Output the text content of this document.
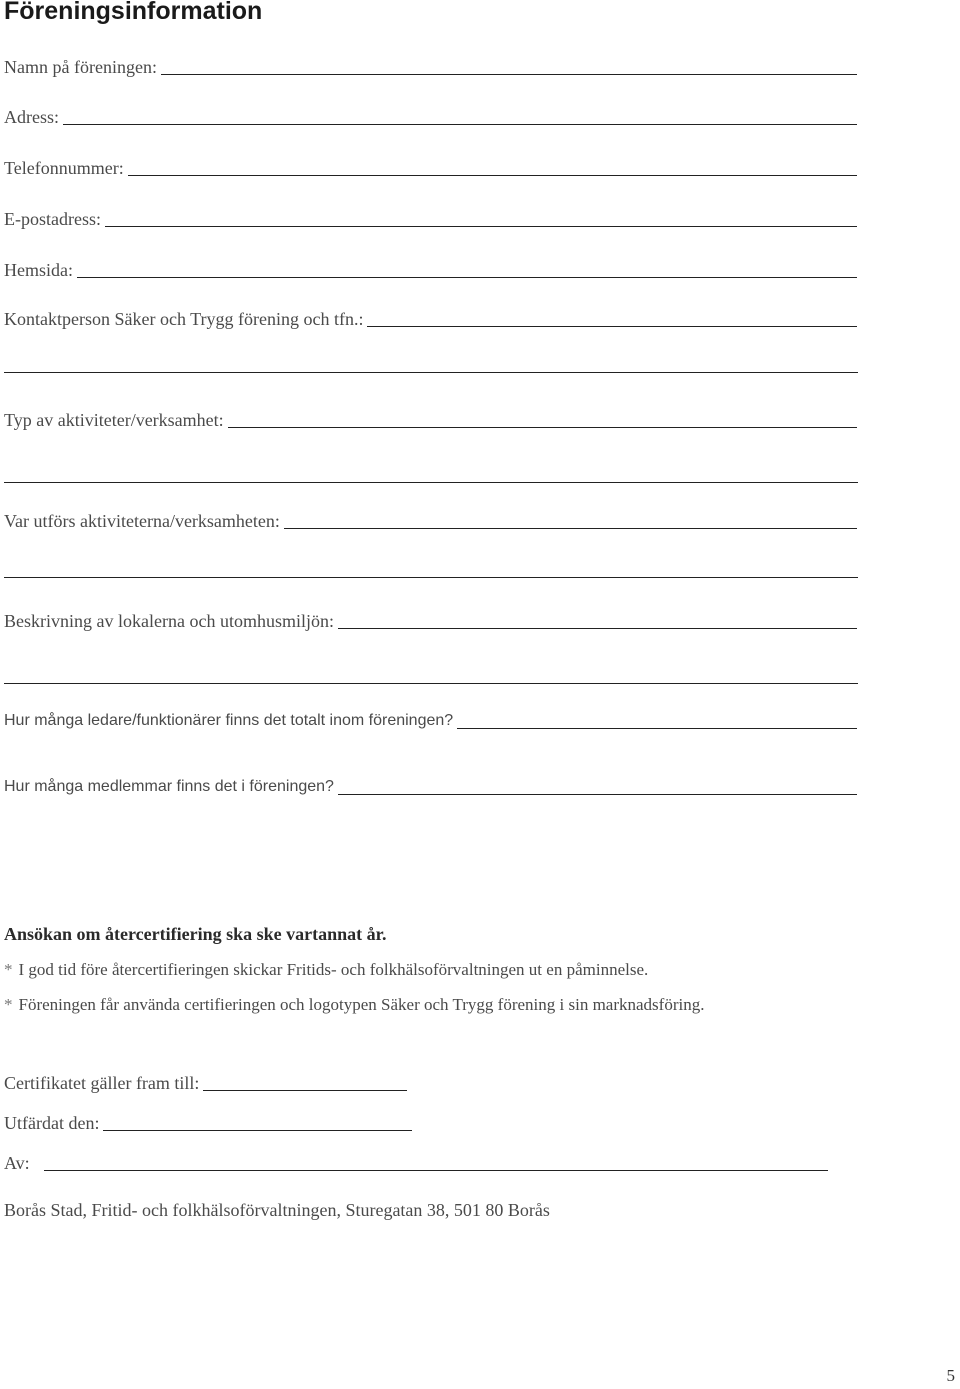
Föreningsinformation
Namn på föreningen:
Adress:
Telefonnummer:
E-postadress:
Hemsida:
Kontaktperson Säker och Trygg förening och tfn.:
Typ av aktiviteter/verksamhet:
Var utförs aktiviteterna/verksamheten:
Beskrivning av lokalerna och utomhusmiljön:
Hur många ledare/funktionärer finns det totalt inom föreningen?
Hur många medlemmar finns det i föreningen?
Ansökan om återcertifiering ska ske vartannat år.
* I god tid före återcertifieringen skickar Fritids- och folkhälsoförvaltningen ut en påminnelse.
* Föreningen får använda certifieringen och logotypen Säker och Trygg förening i sin marknadsföring.
Certifikatet gäller fram till:
Utfärdat den:
Av:
Borås Stad, Fritid- och folkhälsoförvaltningen, Sturegatan 38, 501 80 Borås
5
